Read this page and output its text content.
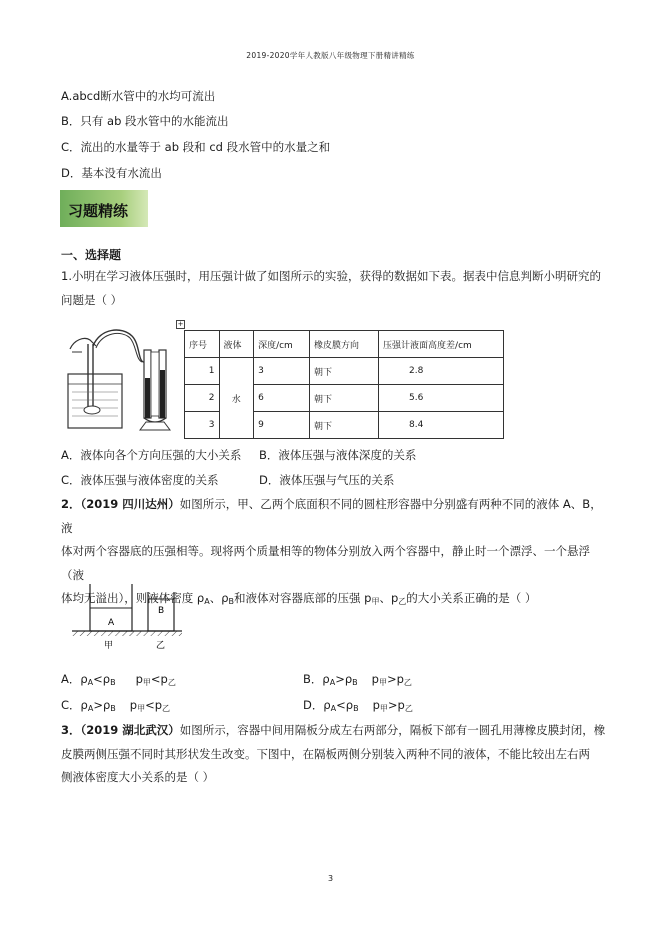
2019-2020学年人教版八年级物理下册精讲精练
A.abcd断水管中的水均可流出
B．只有 ab 段水管中的水能流出
C．流出的水量等于 ab 段和 cd 段水管中的水量之和
D．基本没有水流出
习题精练
一、选择题
1.小明在学习液体压强时，用压强计做了如图所示的实验，获得的数据如下表。据表中信息判断小明研究的
问题是（ ）
+
序号	液体	深度/cm	橡皮膜方向	压强计液面高度差/cm
1	水	3	朝下	2.8
2		6	朝下	5.6
3		9	朝下	8.4
A．液体向各个方向压强的大小关系 B．液体压强与液体深度的关系
C．液体压强与液体密度的关系	D．液体压强与气压的关系
2．（2019 四川达州）如图所示，甲、乙两个底面积不同的圆柱形容器中分别盛有两种不同的液体 A、B，液
体对两个容器底的压强相等。现将两个质量相等的物体分别放入两个容器中，静止时一个漂浮、一个悬浮（液
体均无溢出），则液体密度 $\rho_A$、$\rho_B$和液体对容器底部的压强 $p_甲$、$p_乙$的大小关系正确的是（ ）
A
B
甲	乙
A．$\rho_A<\rho_B$ $p_甲<p_乙$	B．$\rho_A>\rho_B$ $p_甲>p_乙$
C．$\rho_A>\rho_B$ $p_甲<p_乙$	D．$\rho_A<\rho_B$ $p_甲>p_乙$
3．（2019 湖北武汉）如图所示，容器中间用隔板分成左右两部分，隔板下部有一圆孔用薄橡皮膜封闭，橡
皮膜两侧压强不同时其形状发生改变。下图中，在隔板两侧分别装入两种不同的液体，不能比较出左右两
侧液体密度大小关系的是（ ）
3
